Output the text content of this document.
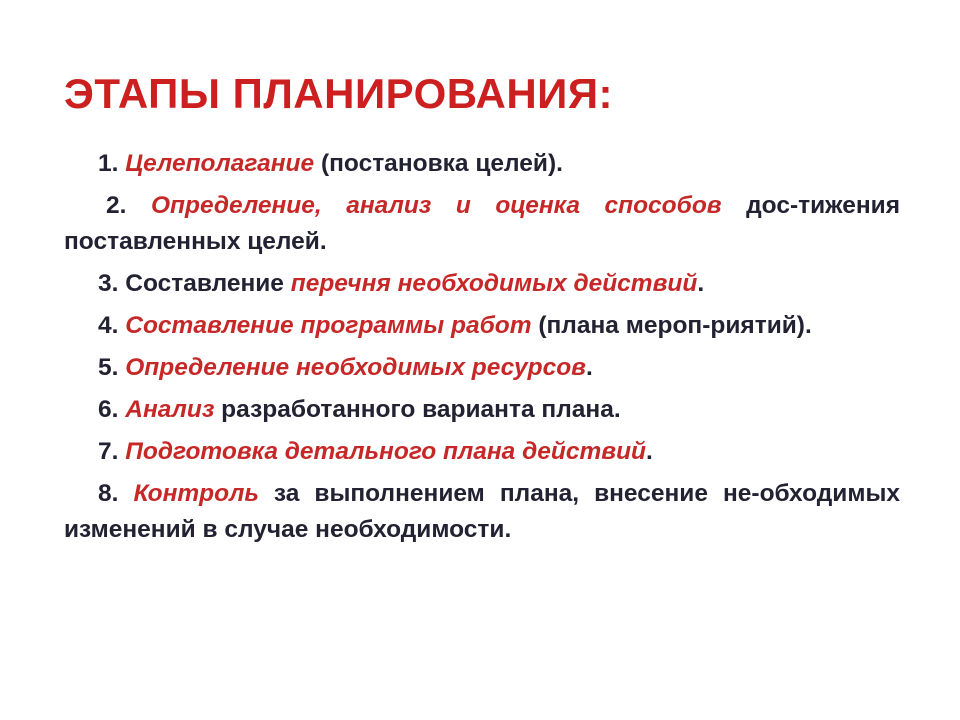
ЭТАПЫ ПЛАНИРОВАНИЯ:
1. Целеполагание (постановка целей).
2. Определение, анализ и оценка способов дос-тижения поставленных целей.
3. Составление перечня необходимых действий.
4. Составление программы работ (плана мероп-риятий).
5. Определение необходимых ресурсов.
6. Анализ разработанного варианта плана.
7. Подготовка детального плана действий.
8. Контроль за выполнением плана, внесение не-обходимых изменений в случае необходимости.
